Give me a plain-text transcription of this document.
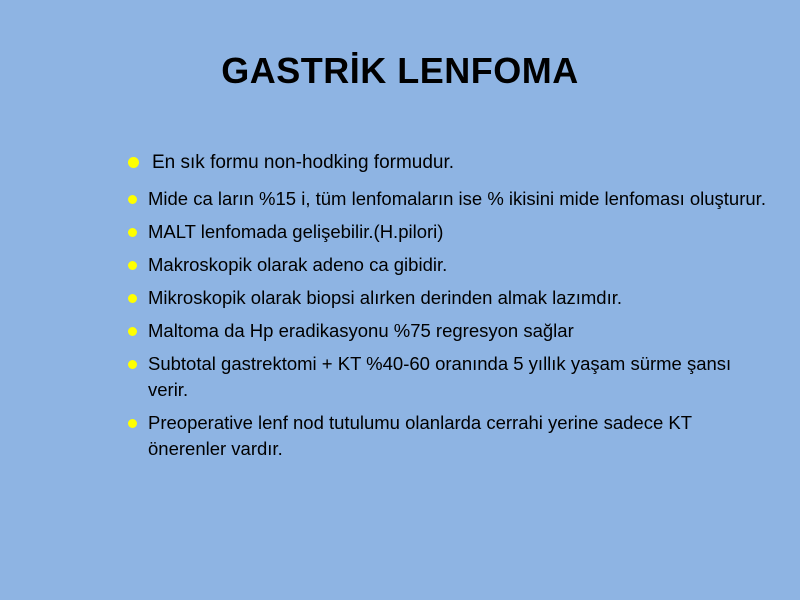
GASTRİK LENFOMA
En sık formu non-hodking formudur.
Mide ca ların %15 i, tüm lenfomaların ise % ikisini mide lenfoması oluşturur.
MALT lenfomada gelişebilir.(H.pilori)
Makroskopik olarak adeno ca gibidir.
Mikroskopik olarak biopsi alırken derinden almak lazımdır.
Maltoma da Hp eradikasyonu %75 regresyon sağlar
Subtotal gastrektomi + KT %40-60 oranında 5 yıllık yaşam sürme şansı verir.
Preoperative lenf nod tutulumu olanlarda cerrahi yerine sadece KT önerenler vardır.
